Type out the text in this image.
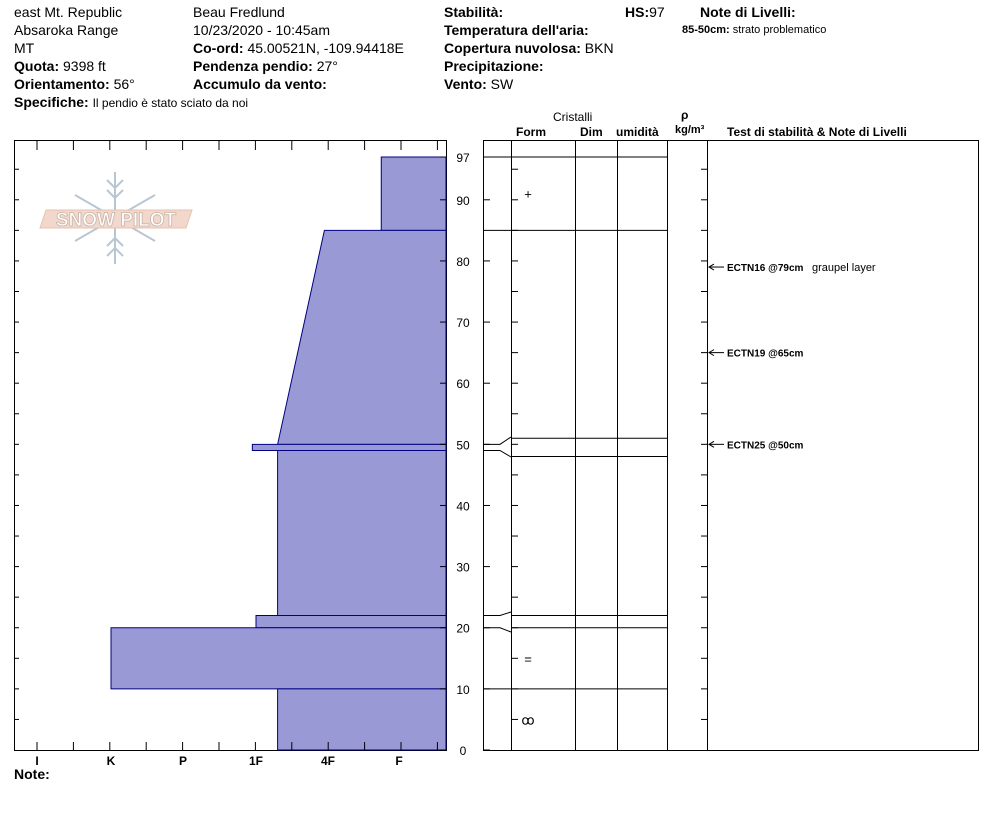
east Mt. Republic
Absaroka Range
MT
Quota: 9398 ft
Orientamento: 56°
Specifiche: Il pendio è stato sciato da noi
Beau Fredlund
10/23/2020 - 10:45am
Co-ord: 45.00521N, -109.94418E
Pendenza pendio: 27°
Accumulo da vento:
Stabilità:
Temperatura dell'aria:
Copertura nuvolosa: BKN
Precipitazione:
Vento: SW
HS:97	Note di Livelli:
85-50cm: strato problematico
Cristalli
Form	Dim umidità
ρ
kg/m³ Test di stabilità & Note di Livelli
Note:
SNOW PILOT
0
10
20
30
40
50
60
70
80
90
97
I	K	P	1F	4F	F
+
=
ꝏ
ECTN16 @79cm graupel layer
ECTN19 @65cm
ECTN25 @50cm
